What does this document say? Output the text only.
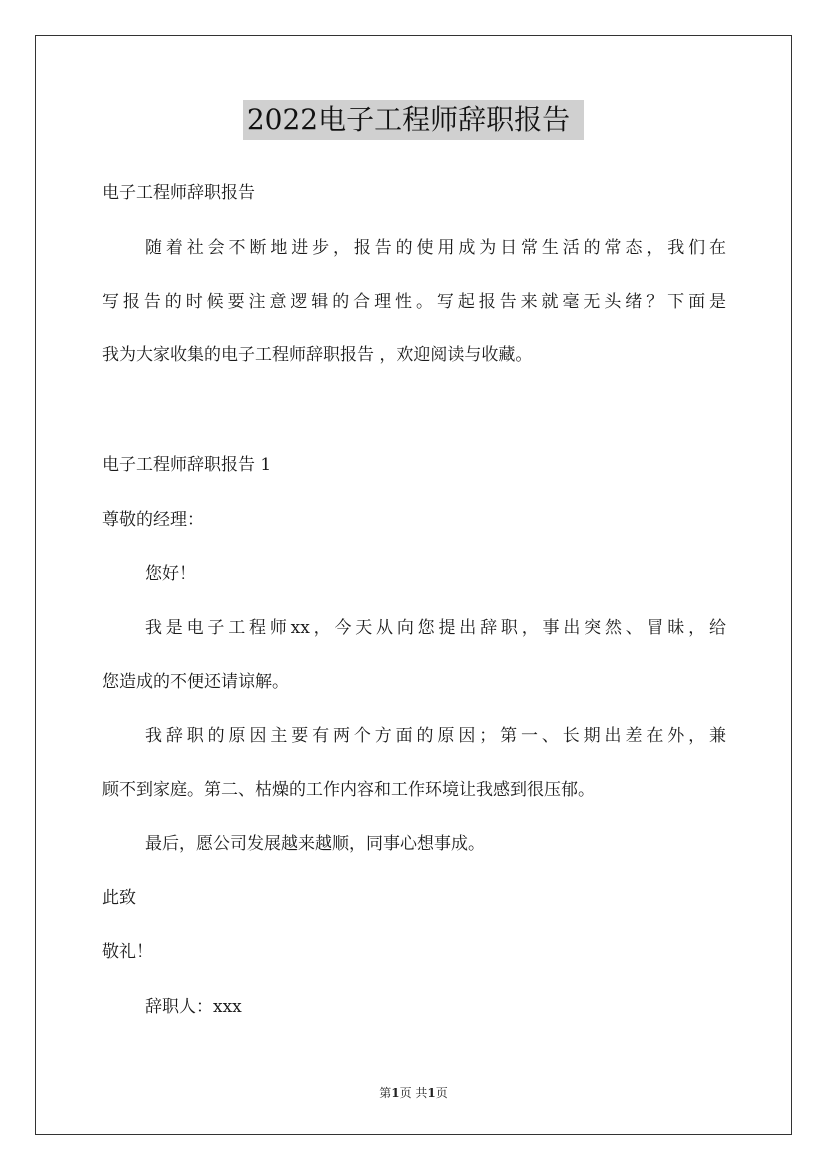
2022电子工程师辞职报告
电子工程师辞职报告
随着社会不断地进步，报告的使用成为日常生活的常态，我们在
写报告的时候要注意逻辑的合理性。写起报告来就毫无头绪？下面是
我为大家收集的电子工程师辞职报告 ，欢迎阅读与收藏。
电子工程师辞职报告 1
尊敬的经理：
您好！
我是电子工程师xx，今天从向您提出辞职，事出突然、冒昧，给
您造成的不便还请谅解。
我辞职的原因主要有两个方面的原因；第一、长期出差在外，兼
顾不到家庭。第二、枯燥的工作内容和工作环境让我感到很压郁。
最后，愿公司发展越来越顺，同事心想事成。
此致
敬礼！
辞职人：xxx
第1页 共1页
